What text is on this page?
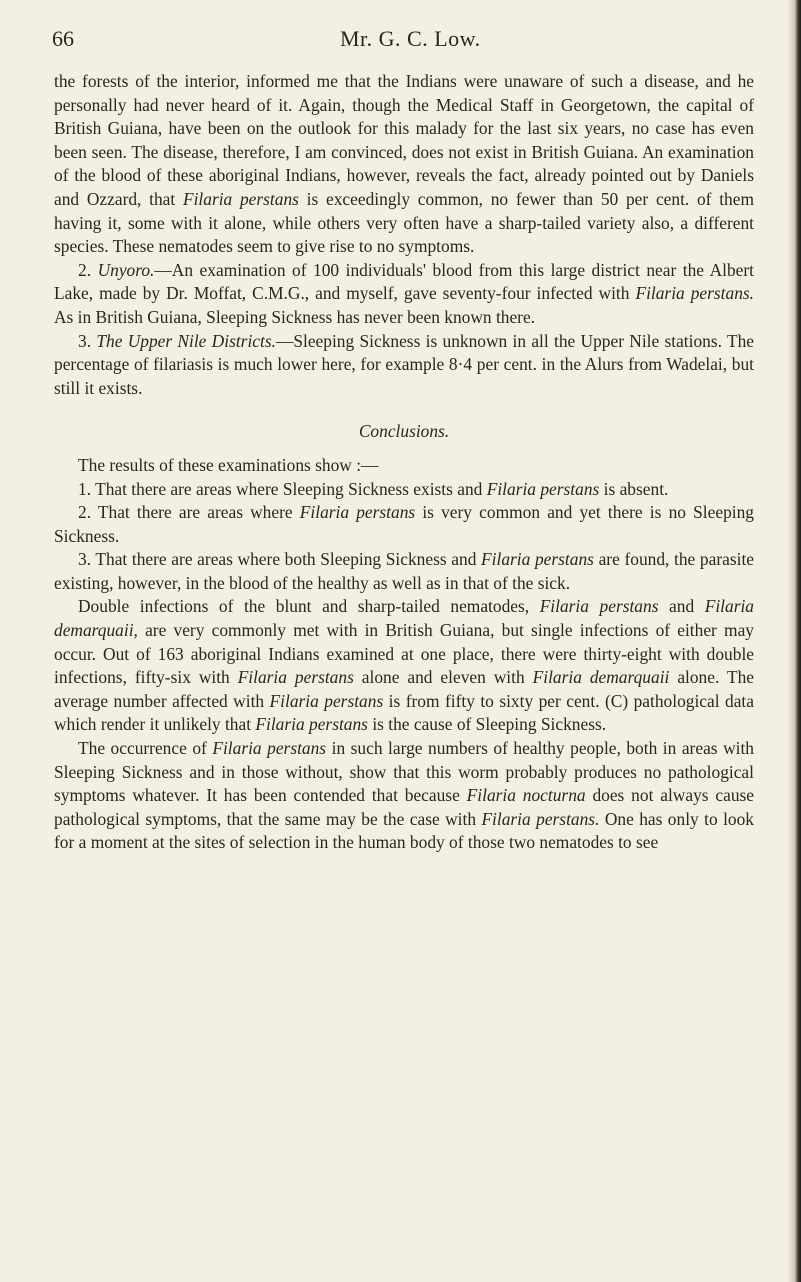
66	Mr. G. C. Low.

the forests of the interior, informed me that the Indians were unaware of such a disease, and he personally had never heard of it. Again, though the Medical Staff in Georgetown, the capital of British Guiana, have been on the outlook for this malady for the last six years, no case has even been seen. The disease, therefore, I am convinced, does not exist in British Guiana. An examination of the blood of these aboriginal Indians, however, reveals the fact, already pointed out by Daniels and Ozzard, that Filaria perstans is exceedingly common, no fewer than 50 per cent. of them having it, some with it alone, while others very often have a sharp-tailed variety also, a different species. These nematodes seem to give rise to no symptoms.

2. Unyoro.—An examination of 100 individuals' blood from this large district near the Albert Lake, made by Dr. Moffat, C.M.G., and myself, gave seventy-four infected with Filaria perstans. As in British Guiana, Sleeping Sickness has never been known there.

3. The Upper Nile Districts.—Sleeping Sickness is unknown in all the Upper Nile stations. The percentage of filariasis is much lower here, for example 8·4 per cent. in the Alurs from Wadelai, but still it exists.

Conclusions.

The results of these examinations show :—

1. That there are areas where Sleeping Sickness exists and Filaria perstans is absent.

2. That there are areas where Filaria perstans is very common and yet there is no Sleeping Sickness.

3. That there are areas where both Sleeping Sickness and Filaria perstans are found, the parasite existing, however, in the blood of the healthy as well as in that of the sick.

Double infections of the blunt and sharp-tailed nematodes, Filaria perstans and Filaria demarquaii, are very commonly met with in British Guiana, but single infections of either may occur. Out of 163 aboriginal Indians examined at one place, there were thirty-eight with double infections, fifty-six with Filaria perstans alone and eleven with Filaria demarquaii alone. The average number affected with Filaria perstans is from fifty to sixty per cent. (C) pathological data which render it unlikely that Filaria perstans is the cause of Sleeping Sickness.

The occurrence of Filaria perstans in such large numbers of healthy people, both in areas with Sleeping Sickness and in those without, show that this worm probably produces no pathological symptoms whatever. It has been contended that because Filaria nocturna does not always cause pathological symptoms, that the same may be the case with Filaria perstans. One has only to look for a moment at the sites of selection in the human body of those two nematodes to see
